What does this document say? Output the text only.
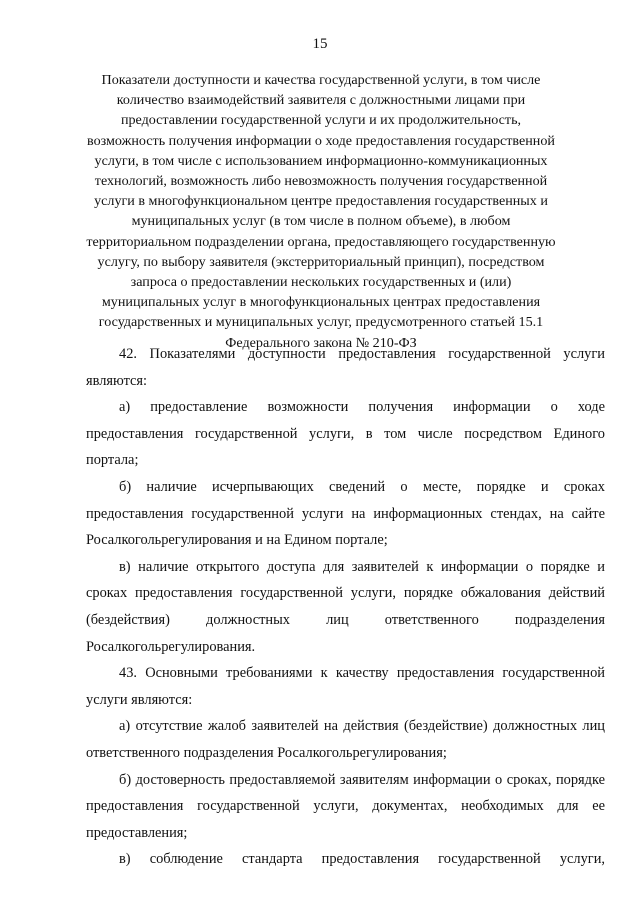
15
Показатели доступности и качества государственной услуги, в том числе количество взаимодействий заявителя с должностными лицами при предоставлении государственной услуги и их продолжительность, возможность получения информации о ходе предоставления государственной услуги, в том числе с использованием информационно-коммуникационных технологий, возможность либо невозможность получения государственной услуги в многофункциональном центре предоставления государственных и муниципальных услуг (в том числе в полном объеме), в любом территориальном подразделении органа, предоставляющего государственную услугу, по выбору заявителя (экстерриториальный принцип), посредством запроса о предоставлении нескольких государственных и (или) муниципальных услуг в многофункциональных центрах предоставления государственных и муниципальных услуг, предусмотренного статьей 15.1 Федерального закона № 210-ФЗ

42. Показателями доступности предоставления государственной услуги являются:

а) предоставление возможности получения информации о ходе предоставления государственной услуги, в том числе посредством Единого портала;

б) наличие исчерпывающих сведений о месте, порядке и сроках предоставления государственной услуги на информационных стендах, на сайте Росалкогольрегулирования и на Едином портале;

в) наличие открытого доступа для заявителей к информации о порядке и сроках предоставления государственной услуги, порядке обжалования действий (бездействия) должностных лиц ответственного подразделения Росалкогольрегулирования.

43. Основными требованиями к качеству предоставления государственной услуги являются:

а) отсутствие жалоб заявителей на действия (бездействие) должностных лиц ответственного подразделения Росалкогольрегулирования;

б) достоверность предоставляемой заявителям информации о сроках, порядке предоставления государственной услуги, документах, необходимых для ее предоставления;

в) соблюдение стандарта предоставления государственной услуги,
